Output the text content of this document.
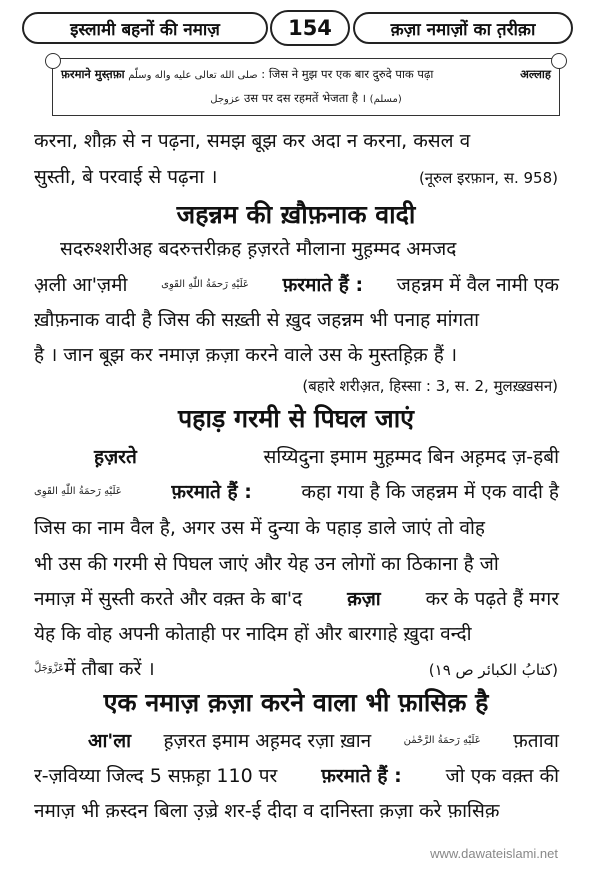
इस्लामी बहनों की नमाज़	154	क़ज़ा नमाज़ों का त़रीक़ा
फ़रमाने मुस्त़फ़ा صلى الله تعالى عليه واله وسلّم : जिस ने मुझ पर एक बार दुरुदे पाक पढ़ा	अल्लाह
عزوجل उस पर दस रहमतें भेजता है । (مسلم)
करना, शौक़ से न पढ़ना, समझ बूझ कर अदा न करना, कसल व
सुस्ती, बे परवाई से पढ़ना ।	(नूरुल इरफ़ान, स. 958)
जहन्नम की ख़ौफ़नाक वादी
सदरुश्शरीअह बदरुत्तरीक़ह ह़ज़रते मौलाना मुह़म्मद अमजद
अ़ली आ'ज़मी	عَلَيْهِ رَحمَةُ اللّٰهِ القَوِى फ़रमाते हैं : जहन्नम में वैल नामी एक
ख़ौफ़नाक वादी है जिस की सख़्ती से ख़ुद जहन्नम भी पनाह मांगता
है । जान बूझ कर नमाज़ क़ज़ा करने वाले उस के मुस्तह़िक़ हैं ।
(बहारे शरीअ़त, हिस्सा : 3, स. 2, मुलख़्ख़सन)
पहाड़ गरमी से पिघल जाएं
ह़ज़रते	सय्यिदुना इमाम मुह़म्मद बिन अह़मद ज़-हबी
عَلَيْهِ رَحمَةُ اللّٰهِ القَوِى	फ़रमाते हैं :	कहा गया है कि जहन्नम में एक वादी है
जिस का नाम वैल है, अगर उस में दुन्या के पहाड़ डाले जाएं तो वोह
भी उस की गरमी से पिघल जाएं और येह उन लोगों का ठिकाना है जो
नमाज़ में सुस्ती करते और वक़्त के बा'द क़ज़ा कर के पढ़ते हैं मगर
येह कि वोह अपनी कोताही पर नादिम हों और बारगाहे ख़ुदा वन्दी
عَزَّوَجَلَّ में तौबा करें ।	(كتابُ الكبائر ص ١٩)
एक नमाज़ क़ज़ा करने वाला भी फ़ासिक़ है
आ'ला ह़ज़रत इमाम अह़मद रज़ा ख़ान	عَلَيْهِ رَحمَةُ الرَّحْمٰن फ़तावा
र-ज़विय्या जिल्द 5 सफ़ह़ा 110 पर फ़रमाते हैं : जो एक वक़्त की
नमाज़ भी क़स्दन बिला उ़ज़्रे शर-ई दीदा व दानिस्ता क़ज़ा करे फ़ासिक़
www.dawateislami.net
